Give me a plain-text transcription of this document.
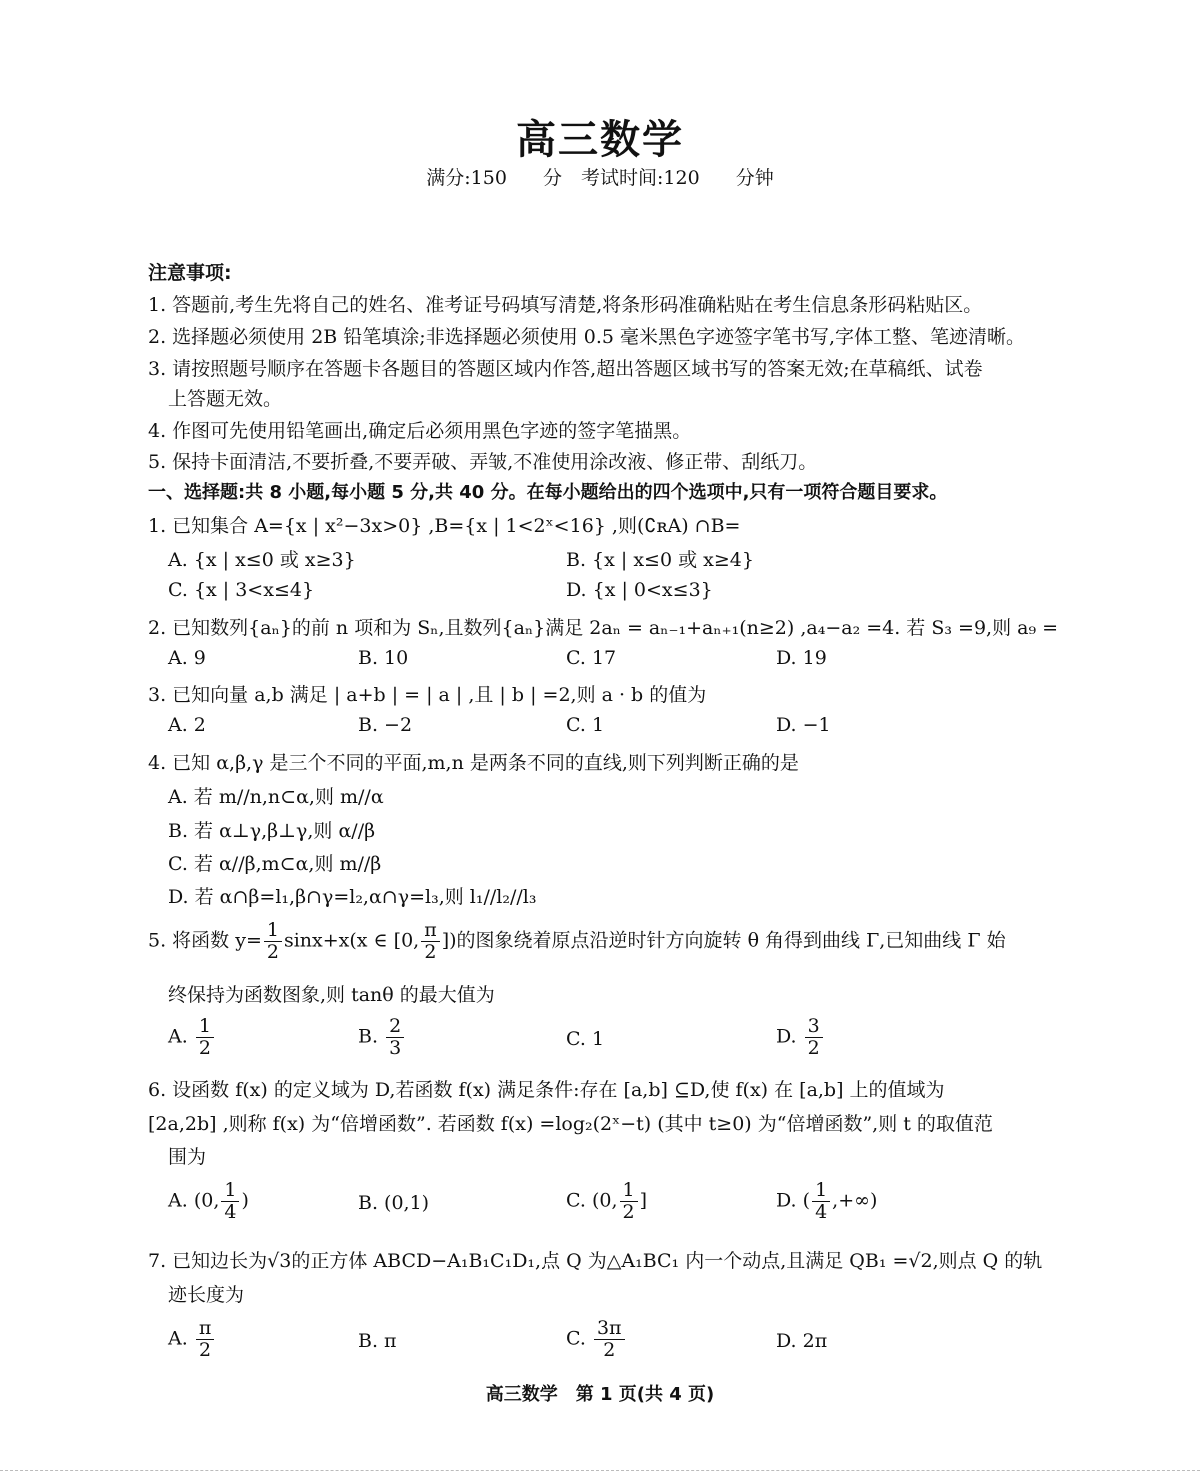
高三数学
满分:150 分　考试时间:120 分钟
注意事项:
1. 答题前,考生先将自己的姓名、准考证号码填写清楚,将条形码准确粘贴在考生信息条形码粘贴区。
2. 选择题必须使用 2B 铅笔填涂;非选择题必须使用 0.5 毫米黑色字迹签字笔书写,字体工整、笔迹清晰。
3. 请按照题号顺序在答题卡各题目的答题区域内作答,超出答题区域书写的答案无效;在草稿纸、试卷
上答题无效。
4. 作图可先使用铅笔画出,确定后必须用黑色字迹的签字笔描黑。
5. 保持卡面清洁,不要折叠,不要弄破、弄皱,不准使用涂改液、修正带、刮纸刀。
一、选择题:共 8 小题,每小题 5 分,共 40 分。在每小题给出的四个选项中,只有一项符合题目要求。
1. 已知集合 A={x | x²−3x>0} ,B={x | 1<2ˣ<16} ,则(∁ʀA) ∩B=
A. {x | x≤0 或 x≥3}	B. {x | x≤0 或 x≥4}
C. {x | 3<x≤4}	D. {x | 0<x≤3}
2. 已知数列{aₙ}的前 n 项和为 Sₙ,且数列{aₙ}满足 2aₙ = aₙ₋₁+aₙ₊₁(n≥2) ,a₄−a₂ =4. 若 S₃ =9,则 a₉ =
A. 9	B. 10	C. 17	D. 19
3. 已知向量 a,b 满足 | a+b | = | a | ,且 | b | =2,则 a · b 的值为
A. 2	B. −2	C. 1	D. −1
4. 已知 α,β,γ 是三个不同的平面,m,n 是两条不同的直线,则下列判断正确的是
A. 若 m//n,n⊂α,则 m//α
B. 若 α⊥γ,β⊥γ,则 α//β
C. 若 α//β,m⊂α,则 m//β
D. 若 α∩β=l₁,β∩γ=l₂,α∩γ=l₃,则 l₁//l₂//l₃
5. 将函数 $y= \frac{1}{2} \sin x+x(x$ ∈ [0, $\frac{\pi}{2}$ ])的图象绕着原点沿逆时针方向旋转 θ 角得到曲线 Γ,已知曲线 Γ 始
终保持为函数图象,则 tanθ 的最大值为
A. $\frac{1}{2}$	B. $\frac{2}{3}$	C. 1	D. $\frac{3}{2}$
6. 设函数 f(x) 的定义域为 D,若函数 f(x) 满足条件:存在 [a,b] ⊆D,使 f(x) 在 [a,b] 上的值域为
[2a,2b] ,则称 f(x) 为“倍增函数”. 若函数 f(x) =log₂(2ˣ−t) (其中 t≥0) 为“倍增函数”,则 t 的取值范
围为
A. (0, $\frac{1}{4}$ )	B. (0,1)	C. (0, $\frac{1}{2}$ ]	D. ( $\frac{1}{4}$ ,+∞)
7. 已知边长为√3的正方体 ABCD−A₁B₁C₁D₁,点 Q 为△A₁BC₁ 内一个动点,且满足 QB₁ =√2,则点 Q 的轨
迹长度为
A. $\frac{\pi}{2}$	B. π	C. $\frac{3\pi}{2}$	D. 2π
高三数学　第 1 页(共 4 页)
